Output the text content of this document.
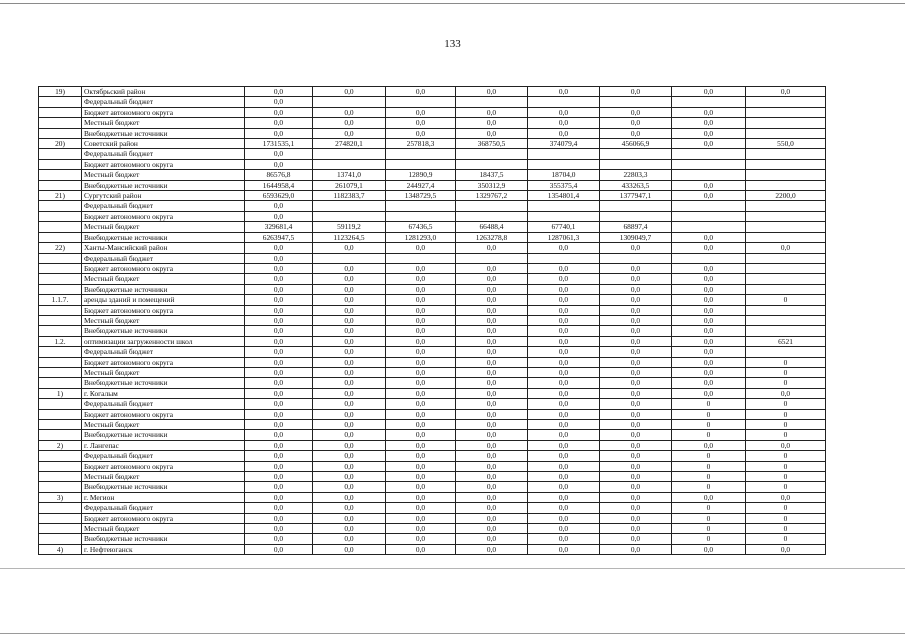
133
19)	Октябрьский район	0,0	0,0	0,0	0,0	0,0	0,0	0,0	0,0
	Федеральный бюджет	0,0							
	Бюджет автономного округа	0,0	0,0	0,0	0,0	0,0	0,0	0,0	
	Местный бюджет	0,0	0,0	0,0	0,0	0,0	0,0	0,0	
	Внебюджетные источники	0,0	0,0	0,0	0,0	0,0	0,0	0,0	
20)	Советский район	1731535,1	274820,1	257818,3	368750,5	374079,4	456066,9	0,0	550,0
	Федеральный бюджет	0,0							
	Бюджет автономного округа	0,0							
	Местный бюджет	86576,8	13741,0	12890,9	18437,5	18704,0	22803,3		
	Внебюджетные источники	1644958,4	261079,1	244927,4	350312,9	355375,4	433263,5	0,0	
21)	Сургутский район	6593629,0	1182383,7	1348729,5	1329767,2	1354801,4	1377947,1	0,0	2200,0
	Федеральный бюджет	0,0							
	Бюджет автономного округа	0,0							
	Местный бюджет	329681,4	59119,2	67436,5	66488,4	67740,1	68897,4		
	Внебюджетные источники	6263947,5	1123264,5	1281293,0	1263278,8	1287061,3	1309049,7	0,0	
22)	Ханты-Мансийский район	0,0	0,0	0,0	0,0	0,0	0,0	0,0	0,0
	Федеральный бюджет	0,0							
	Бюджет автономного округа	0,0	0,0	0,0	0,0	0,0	0,0	0,0	
	Местный бюджет	0,0	0,0	0,0	0,0	0,0	0,0	0,0	
	Внебюджетные источники	0,0	0,0	0,0	0,0	0,0	0,0	0,0	
1.1.7.	аренды зданий и помещений	0,0	0,0	0,0	0,0	0,0	0,0	0,0	0
	Бюджет автономного округа	0,0	0,0	0,0	0,0	0,0	0,0	0,0	
	Местный бюджет	0,0	0,0	0,0	0,0	0,0	0,0	0,0	
	Внебюджетные источники	0,0	0,0	0,0	0,0	0,0	0,0	0,0	
1.2.	оптимизации загруженности школ	0,0	0,0	0,0	0,0	0,0	0,0	0,0	6521
	Федеральный бюджет	0,0	0,0	0,0	0,0	0,0	0,0	0,0	
	Бюджет автономного округа	0,0	0,0	0,0	0,0	0,0	0,0	0,0	0
	Местный бюджет	0,0	0,0	0,0	0,0	0,0	0,0	0,0	0
	Внебюджетные источники	0,0	0,0	0,0	0,0	0,0	0,0	0,0	0
1)	г. Когалым	0,0	0,0	0,0	0,0	0,0	0,0	0,0	0,0
	Федеральный бюджет	0,0	0,0	0,0	0,0	0,0	0,0	0	0
	Бюджет автономного округа	0,0	0,0	0,0	0,0	0,0	0,0	0	0
	Местный бюджет	0,0	0,0	0,0	0,0	0,0	0,0	0	0
	Внебюджетные источники	0,0	0,0	0,0	0,0	0,0	0,0	0	0
2)	г. Лангепас	0,0	0,0	0,0	0,0	0,0	0,0	0,0	0,0
	Федеральный бюджет	0,0	0,0	0,0	0,0	0,0	0,0	0	0
	Бюджет автономного округа	0,0	0,0	0,0	0,0	0,0	0,0	0	0
	Местный бюджет	0,0	0,0	0,0	0,0	0,0	0,0	0	0
	Внебюджетные источники	0,0	0,0	0,0	0,0	0,0	0,0	0	0
3)	г. Мегион	0,0	0,0	0,0	0,0	0,0	0,0	0,0	0,0
	Федеральный бюджет	0,0	0,0	0,0	0,0	0,0	0,0	0	0
	Бюджет автономного округа	0,0	0,0	0,0	0,0	0,0	0,0	0	0
	Местный бюджет	0,0	0,0	0,0	0,0	0,0	0,0	0	0
	Внебюджетные источники	0,0	0,0	0,0	0,0	0,0	0,0	0	0
4)	г. Нефтеюганск	0,0	0,0	0,0	0,0	0,0	0,0	0,0	0,0
